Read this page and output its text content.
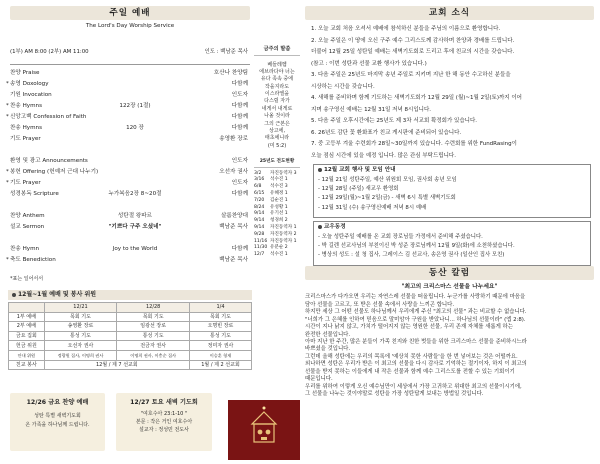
주일 예배
The Lord's Day Worship Service
(1부) AM 8:00 (2부) AM 11:00	인도 : 백남준 목사
찬양 Praise	호산나 찬양팀
* 송영 Doxology	다함께
기원 Invocation	인도자
* 찬송 Hymns	122장 (1절)	다함께
* 신앙고백 Confession of Faith	다함께
찬송 Hymns	120 장	다함께
기도 Prayer	송영환 장로
환영 및 광고 Announcements	인도자
* 봉헌 Offering (헌예저 근대 나누기)	오선자 권사
* 기도 Prayer	인도자
성경봉독 Scripture	누가복음2장 8~20절	다함께
찬양 Anthem	성탄절 왕파르	살롬찬양대
설교 Sermon	"기쁘다 구주 오셨네"	백남준 목사
찬송 Hymn	Joy to the World	다함께
* 축도 Benediction	백남준 목사
*표는 일어서서
12월~1월 예배 및 봉사 위원
	12/21	12/28	1/4
1부 예배	목회 기도	목회 기도	목회 기도
2부 예배	송영환 장로	임광선 장로	오명빈 장로
금요 집회	통성 기도	통성 기도	통성 기도
헌금 위원	오선자 권사	전금자 권사	정미자 권사
안내 위원	정광원 집사, 이명희 권사	이명희 권사, 이충순 집사	이승훈 형제
친교 봉사	12월 / 제 7 선교회		1월 / 제 2 선교회
금주의 말씀
베들레헴
에브라다야 너는
유다 족속 중에
작을지라도
이스라엘을
다스릴 자가
네게서 내게로
나올 것이라
그의 근본은
상고에,
태초에니라
(미 5:2)
25년도 전도현황
3/2	자진동역자 3
3/16	석수진 1
6/8	석수진 3
6/15	유혜정 1
7/20	김순진 1
8/24	유성황 1
9/14	유기선 1
9/14	청경희 2
9/14	자진동역자 1
9/28	자진동역자 2
11/16 자진동역자 1
11/30 유분순 2
12/7	석수진 1
12/26 금요 찬양 예배
성탄 특별 새벽기도회
온 가족을 하나님께 드립니다.
12/27 토요 새벽 기도회
"여호수아 23:1-10 "
본문 : 작은 거인 여호수아
설교자 : 정성민 전도사
교회 소식
1. 오늘 교회 처음 오셔서 예배에 참석하신 분들을 주님의 이름으로 환영합니다.
2. 오늘 주일은 이 땅에 오신 구주 예수 그리스도께 감사하며 찬양과 경배를 드립니다.
더불어 12월 25일 성탄일 예배는 새벽기도회로 드리고 후에 친교의 시간을 갖습니다.
(참고 : 이번 성탄과 선물 교환 행사가 있습니다.)
3. 다음 주일은 25년도 마지막 송년 주일로 지키며 지난 한 해 동안 수고하신 분들을
시상하는 시간을 갖습니다.
4. 새해를 준비하며 함께 기도하는 새벽기도회가 12월 29일 (월)~1월 2일(토)까지 이어
지며 송구영신 예배는 12월 31일 저녁 8시입니다.
5. 다음 주일 오후시간에는 25년도 제 3차 서교회 확정회가 있습니다.
6. 26년도 감단 꽃 환화표가 친교 게시판에 준비되어 있습니다.
7. 중 고등부 겨울 수련회가 28일~30일까지 있습니다. 수련회를 위한 FundRasing이
오늘 점심 시간에 있을 예정 입니다. 많은 관심 부탁드립니다.
12월 교회 행사 및 모임 안내
- 12월 21일 성탄주일, 예산 위원회 모임, 권사회 송년 모임
- 12월 28일 (주일) 새교우 환영회
- 12월 29일(월)~1월 2일(금) - 새벽 6시 특별 새벽기도회
- 12월 31일 (수) 송구영신예배 저녁 8시 예배
교우동정
- 오늘 성탄주일 예배를 온 교회 장로님들 가정에서 준비해 주셨습니다.
- 박 길렌 선교사님의 부친이신 박 성준 장로님께서 12월 9일(화)에 소천하셨습니다.
- 병상의 성도 : 설 청 집사, 그레이스 김 선교사, 송은영 권사 (일산인 집사 모친)
동산 칼럼
"최고의 크리스마스 선물을 나누세요"
크리스마스가 다가오면 우리는 자연스레 선물을 떠올립니다. 누군가를 사랑하기 때문에 마음을
담아 선물을 고르고, 또 받은 선물 속에서 사랑을 느끼곤 합니다.
하지만 세상 그 어떤 선물도 하나님께서 우리에게 주신 "최고의 선물" 과는 비교할 수 없습니다.
"너희가 그 은혜를 인하여 믿음으로 말미암아 구원을 받았나니... 하나님의 선물이라" (엡 2:8).
시간이 지나 낡지 않고, 가치가 떨어지지 않는 영원한 선물, 우리 존재 자체를 새롭게 하는
완전한 선물입니다.
아마 지난 한 주간, 많은 분들이 가족 친지와 친한 벗들을 위한 크리스마스 선물을 준비하시느라
바쁘셨을 것입니다.
그런데 올해 성탄에는 우리의 목록에 '예상치 못한 사람들'을 한 번 넣어보는 것은 어떨까요.
외나하면 성탄은 우리가 받은 이 최고의 선물을 다시 감사로 기억하는 절기이자, 하지 이 최고의
선물을 받지 못하는 이들에게 내 작은 선물과 함께 예수 그리스도를 전할 수 있는 기회이기
때문입니다.
우리를 위하여 이렇게 오신 예수님만이 세상에서 가장 고귀하고 위대한 최고의 선물이시기에,
그 선물을 나누는 것이야말로 성탄을 가장 성탄답게 보내는 방법일 것입니다.
